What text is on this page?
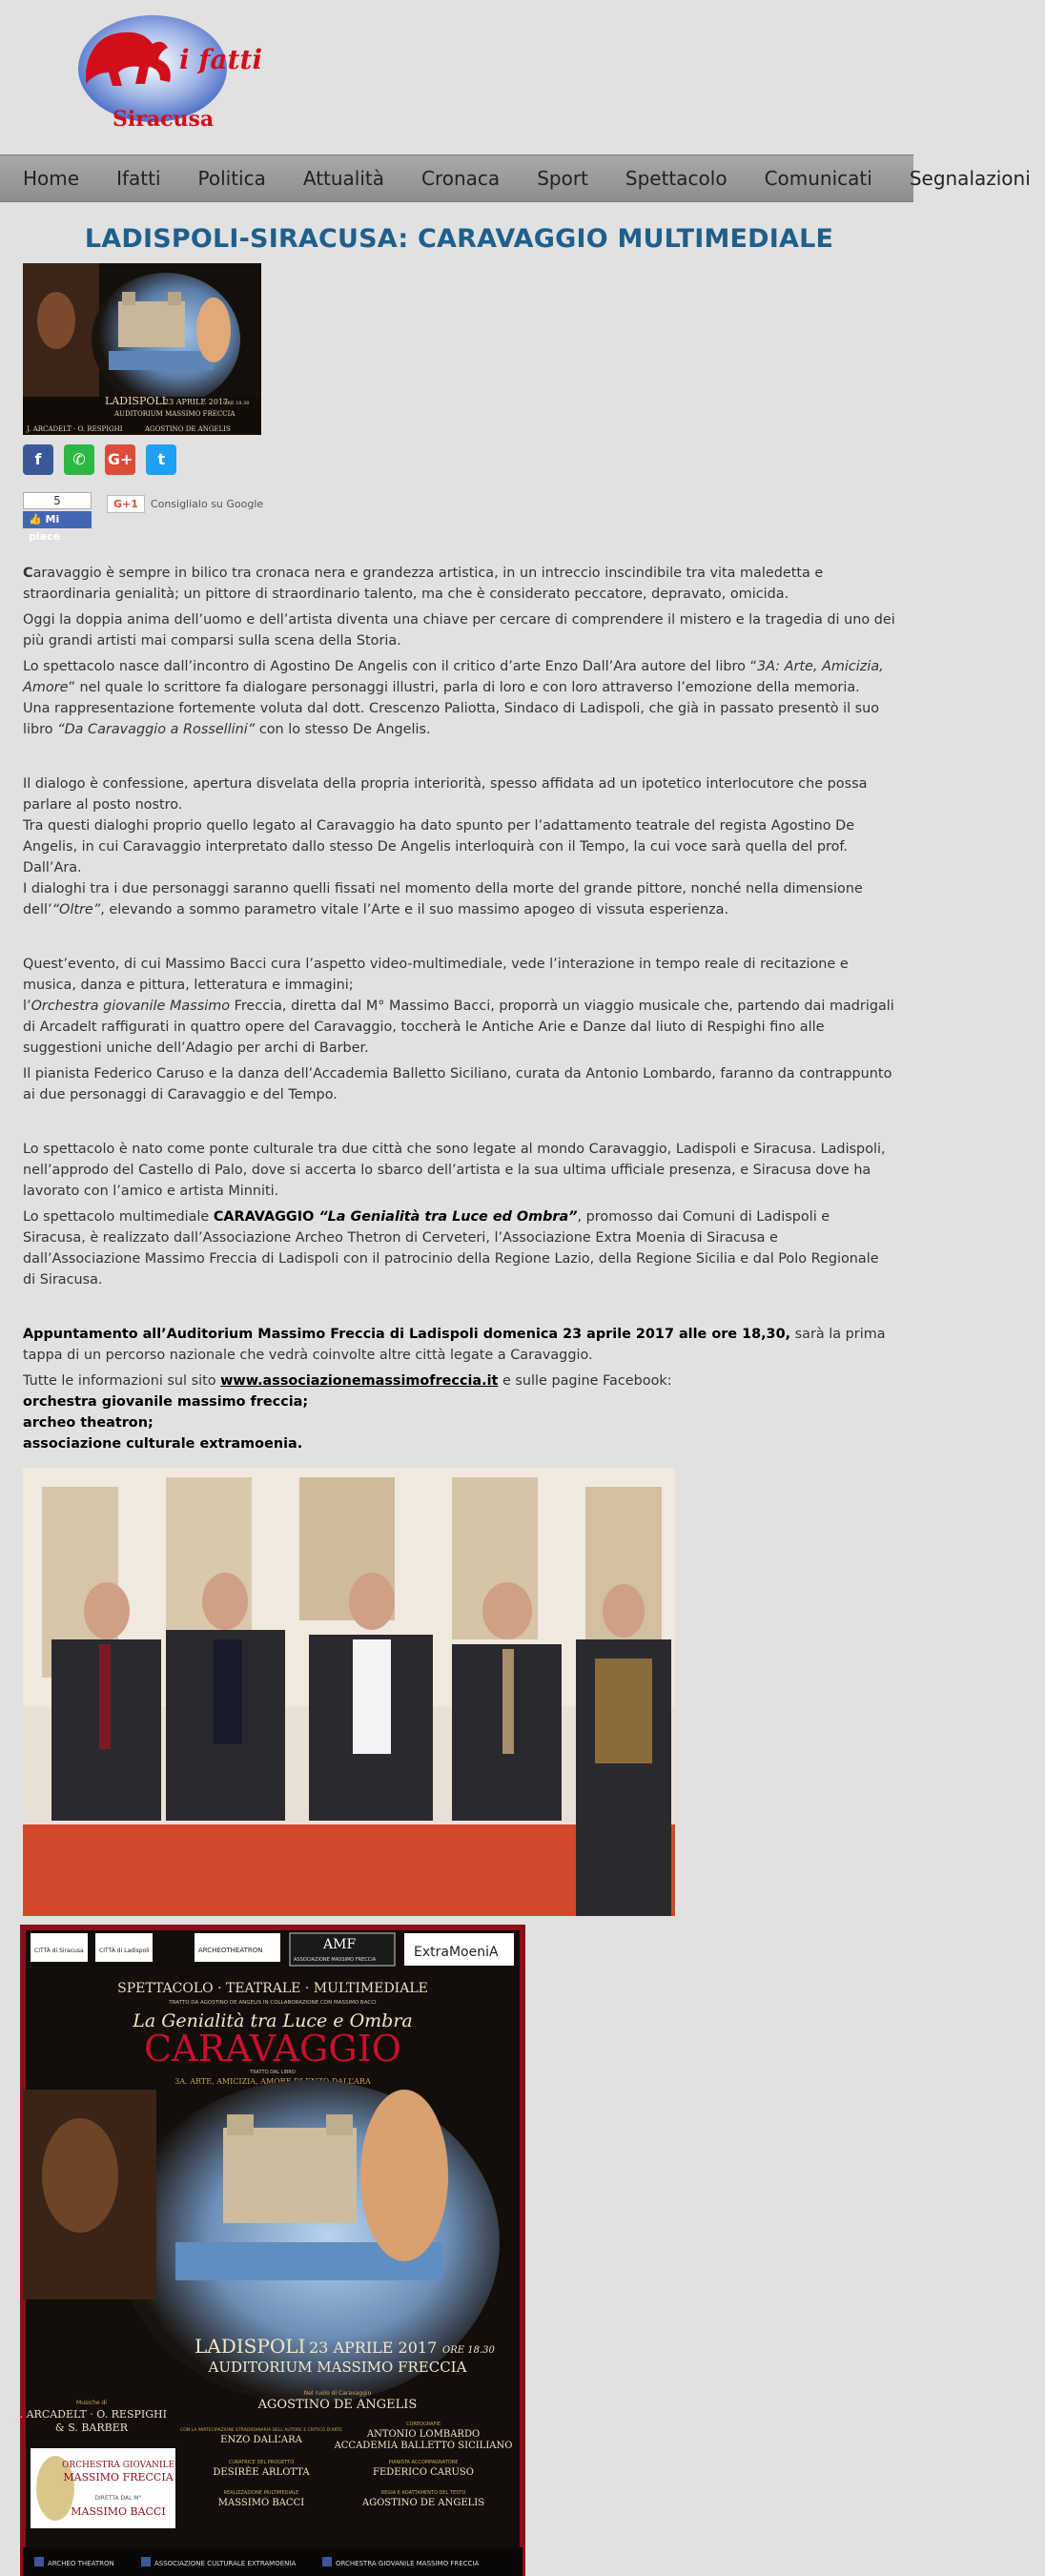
i fatti
Siracusa
Home Ifatti Politica Attualità Cronaca Sport Spettacolo Comunicati Segnalazioni
LADISPOLI-SIRACUSA: CARAVAGGIO MULTIMEDIALE
LADISPOLI
23 APRILE 2017
ORE 18.30
AUDITORIUM MASSIMO FRECCIA
J. ARCADELT · O. RESPIGHI	AGOSTINO DE ANGELIS
f
	✆
	G+
	t
5
👍 Mi piace
G+1 Consiglialo su Google

Caravaggio è sempre in bilico tra cronaca nera e grandezza artistica, in un intreccio inscindibile tra vita maledetta e straordinaria genialità; un pittore di straordinario talento, ma che è considerato peccatore, depravato, omicida.

Oggi la doppia anima dell’uomo e dell’artista diventa una chiave per cercare di comprendere il mistero e la tragedia di uno dei più grandi artisti mai comparsi sulla scena della Storia.

Lo spettacolo nasce dall’incontro di Agostino De Angelis con il critico d’arte Enzo Dall’Ara autore del libro “3A: Arte, Amicizia, Amore” nel quale lo scrittore fa dialogare personaggi illustri, parla di loro e con loro attraverso l’emozione della memoria.
Una rappresentazione fortemente voluta dal dott. Crescenzo Paliotta, Sindaco di Ladispoli, che già in passato presentò il suo libro “Da Caravaggio a Rossellini” con lo stesso De Angelis.

Il dialogo è confessione, apertura disvelata della propria interiorità, spesso affidata ad un ipotetico interlocutore che possa parlare al posto nostro.
Tra questi dialoghi proprio quello legato al Caravaggio ha dato spunto per l’adattamento teatrale del regista Agostino De Angelis, in cui Caravaggio interpretato dallo stesso De Angelis interloquirà con il Tempo, la cui voce sarà quella del prof. Dall’Ara.
I dialoghi tra i due personaggi saranno quelli fissati nel momento della morte del grande pittore, nonché nella dimensione dell’“Oltre”, elevando a sommo parametro vitale l’Arte e il suo massimo apogeo di vissuta esperienza.

Quest’evento, di cui Massimo Bacci cura l’aspetto video-multimediale, vede l’interazione in tempo reale di recitazione e musica, danza e pittura, letteratura e immagini;
l’Orchestra giovanile Massimo Freccia, diretta dal M° Massimo Bacci, proporrà un viaggio musicale che, partendo dai madrigali di Arcadelt raffigurati in quattro opere del Caravaggio, toccherà le Antiche Arie e Danze dal liuto di Respighi fino alle suggestioni uniche dell’Adagio per archi di Barber.

Il pianista Federico Caruso e la danza dell’Accademia Balletto Siciliano, curata da Antonio Lombardo, faranno da contrappunto ai due personaggi di Caravaggio e del Tempo.

Lo spettacolo è nato come ponte culturale tra due città che sono legate al mondo Caravaggio, Ladispoli e Siracusa. Ladispoli, nell’approdo del Castello di Palo, dove si accerta lo sbarco dell’artista e la sua ultima ufficiale presenza, e Siracusa dove ha lavorato con l’amico e artista Minniti.

Lo spettacolo multimediale CARAVAGGIO “La Genialità tra Luce ed Ombra”, promosso dai Comuni di Ladispoli e Siracusa, è realizzato dall’Associazione Archeo Thetron di Cerveteri, l’Associazione Extra Moenia di Siracusa e dall’Associazione Massimo Freccia di Ladispoli con il patrocinio della Regione Lazio, della Regione Sicilia e dal Polo Regionale di Siracusa.

Appuntamento all’Auditorium Massimo Freccia di Ladispoli domenica 23 aprile 2017 alle ore 18,30, sarà la prima tappa di un percorso nazionale che vedrà coinvolte altre città legate a Caravaggio.

Tutte le informazioni sul sito www.associazionemassimofreccia.it e sulle pagine Facebook:
orchestra giovanile massimo freccia;
archeo theatron;
associazione culturale extramoenia.

CITTÀ di Siracusa	CITTÀ di Ladispoli	ARCHEOTHEATRON	AMF
ASSOCIAZIONE MASSIMO FRECCIA	ExtraMoeniA
SPETTACOLO · TEATRALE · MULTIMEDIALE
TRATTO DA AGOSTINO DE ANGELIS IN COLLABORAZIONE CON MASSIMO BACCI
La Genialità tra Luce e Ombra
CARAVAGGIO
TRATTO DAL LIBRO
3A. ARTE, AMICIZIA, AMORE DI ENZO DALL’ARA
LADISPOLI 23 APRILE 2017 ORE 18.30
AUDITORIUM MASSIMO FRECCIA
Musiche di
J. ARCADELT · O. RESPIGHI
& S. BARBER
Nel ruolo di Caravaggio
AGOSTINO DE ANGELIS
CON LA PARTECIPAZIONE STRAORDINARIA DELL’AUTORE E CRITICO D’ARTE
ENZO DALL’ARA
COREOGRAFIE
ANTONIO LOMBARDO
ACCADEMIA BALLETTO SICILIANO
CURATRICE DEL PROGETTO
DESIRÈE ARLOTTA
PIANISTA ACCOMPAGNATORE
FEDERICO CARUSO
REALIZZAZIONE MULTIMEDIALE
MASSIMO BACCI
REGIA E ADATTAMENTO DEL TESTO
AGOSTINO DE ANGELIS
ORCHESTRA GIOVANILE
MASSIMO FRECCIA
DIRETTA DAL M°
MASSIMO BACCI
ARCHEO THEATRON	ASSOCIAZIONE CULTURALE EXTRAMOENIA	ORCHESTRA GIOVANILE MASSIMO FRECCIA
